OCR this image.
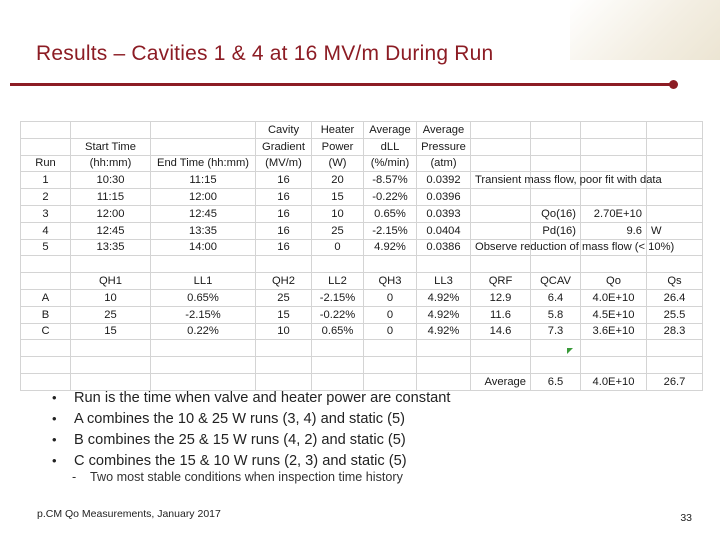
Results – Cavities 1 & 4 at 16 MV/m During Run
			Cavity	Heater	Average	Average				
	Start Time		Gradient	Power	dLL	Pressure				
Run	(hh:mm)	End Time (hh:mm)	(MV/m)	(W)	(%/min)	(atm)				
1	10:30	11:15	16	20	-8.57%	0.0392	Transient mass flow, poor fit with data			

2	11:15	12:00	16	15	-0.22%	0.0396				
3	12:00	12:45	16	10	0.65%	0.0393		Qo(16)	2.70E+10	
4	12:45	13:35	16	25	-2.15%	0.0404		Pd(16)	9.6	W
5	13:35	14:00	16	0	4.92%	0.0386	Observe reduction of mass flow (< 10%)			

	QH1	LL1	QH2	LL2	QH3	LL3	QRF	QCAV	Qo	Qs
A	10	0.65%	25	-2.15%	0	4.92%	12.9	6.4	4.0E+10	26.4
B	25	-2.15%	15	-0.22%	0	4.92%	11.6	5.8	4.5E+10	25.5
C	15	0.22%	10	0.65%	0	4.92%	14.6	7.3	3.6E+10	28.3

							Average	6.5	4.0E+10	26.7
• Run is the time when valve and heater power are constant
• A combines the 10 & 25 W runs (3, 4) and static (5)
• B combines the 25 & 15 W runs (4, 2) and static (5)
• C combines the 15 & 10 W runs (2, 3) and static (5)
- Two most stable conditions when inspection time history
p.CM Qo Measurements, January 2017	33
